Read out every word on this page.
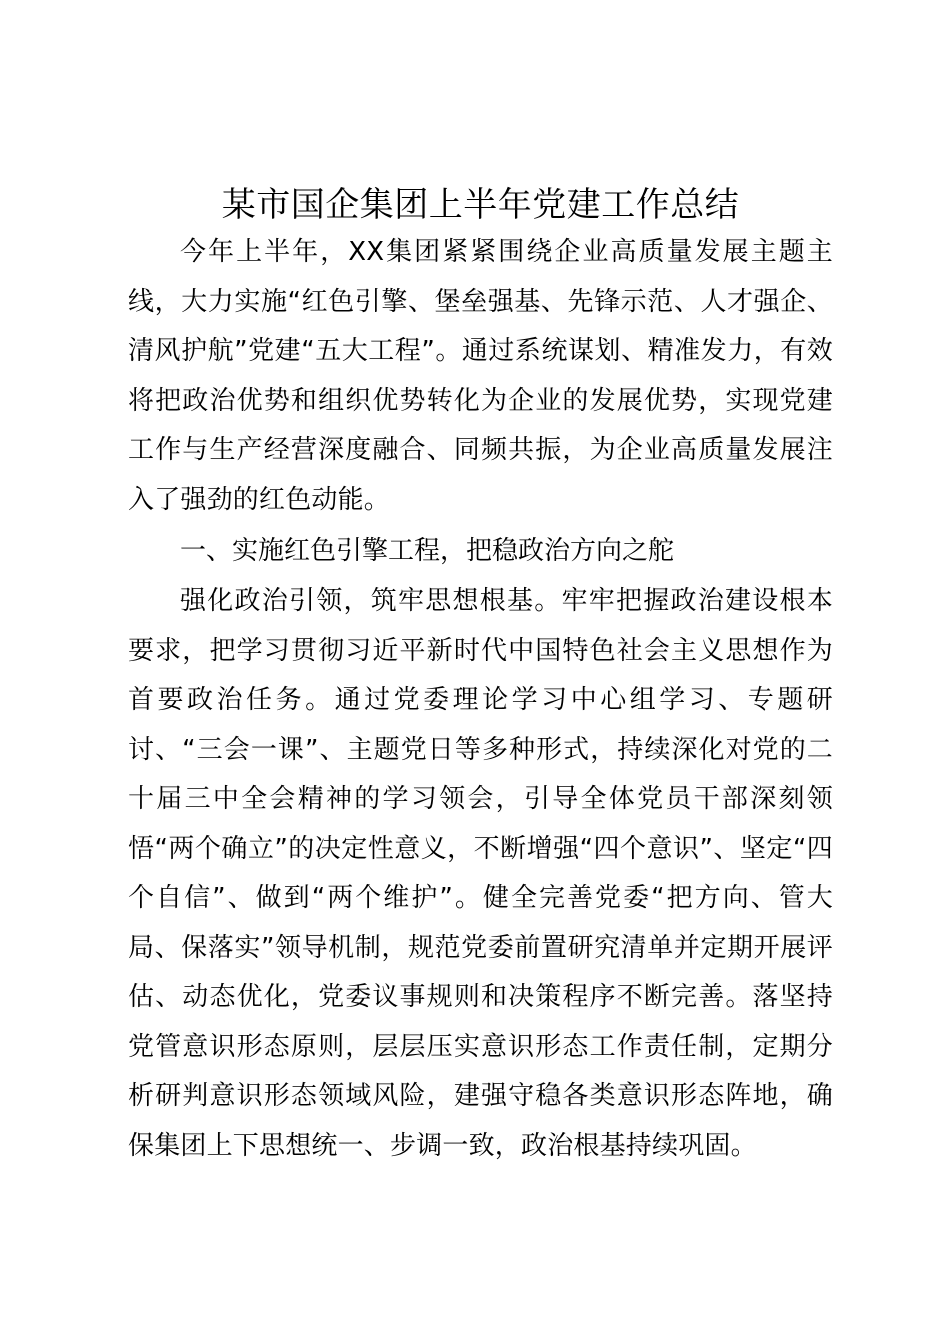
某市国企集团上半年党建工作总结

今年上半年，XX集团紧紧围绕企业高质量发展主题主线，大力实施“红色引擎、堡垒强基、先锋示范、人才强企、清风护航”党建“五大工程”。通过系统谋划、精准发力，有效将把政治优势和组织优势转化为企业的发展优势，实现党建工作与生产经营深度融合、同频共振，为企业高质量发展注入了强劲的红色动能。

一、实施红色引擎工程，把稳政治方向之舵

强化政治引领，筑牢思想根基。牢牢把握政治建设根本要求，把学习贯彻习近平新时代中国特色社会主义思想作为首要政治任务。通过党委理论学习中心组学习、专题研讨、“三会一课”、主题党日等多种形式，持续深化对党的二十届三中全会精神的学习领会，引导全体党员干部深刻领悟“两个确立”的决定性意义，不断增强“四个意识”、坚定“四个自信”、做到“两个维护”。健全完善党委“把方向、管大局、保落实”领导机制，规范党委前置研究清单并定期开展评估、动态优化，党委议事规则和决策程序不断完善。落坚持党管意识形态原则，层层压实意识形态工作责任制，定期分析研判意识形态领域风险，建强守稳各类意识形态阵地，确保集团上下思想统一、步调一致，政治根基持续巩固。
